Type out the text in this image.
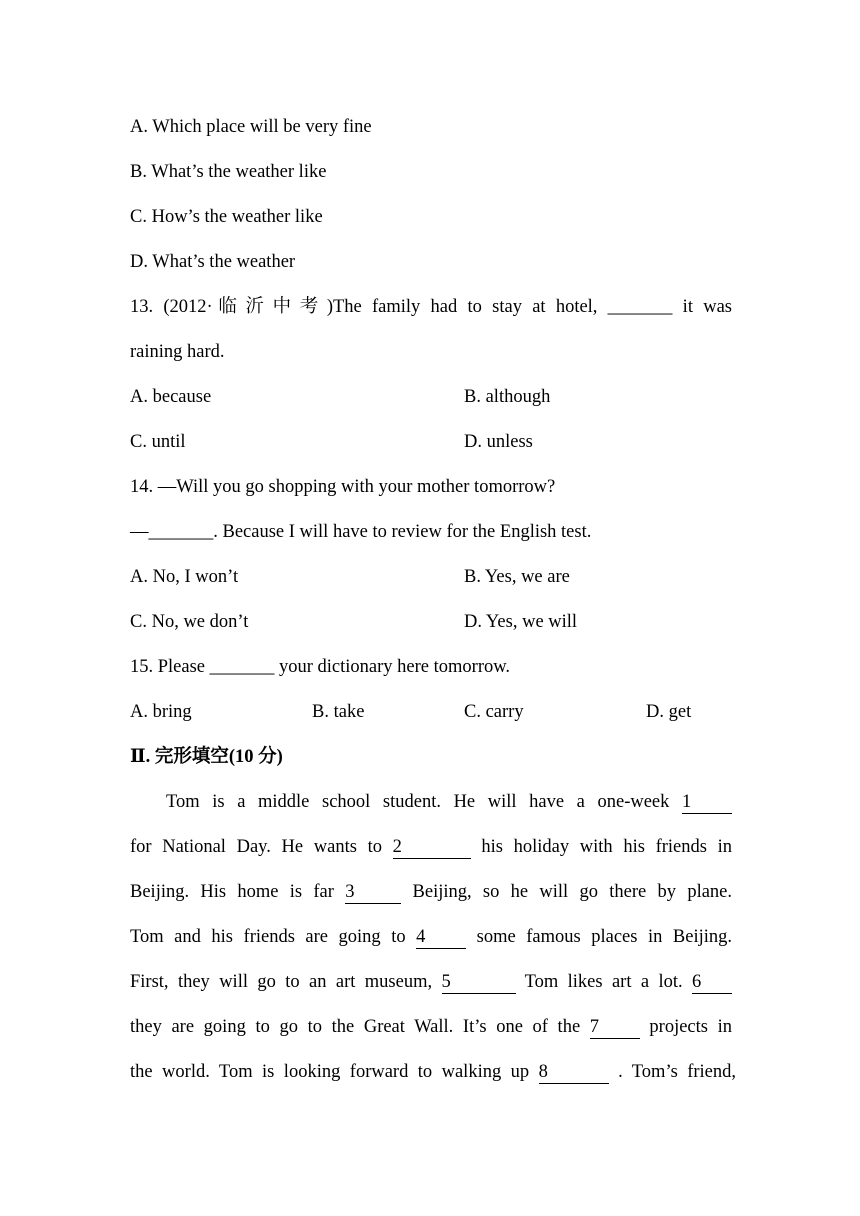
A. Which place will be very fine
B. What’s the weather like
C. How’s the weather like
D. What’s the weather
13. (2012·临沂中考)The family had to stay at hotel, _______ it was
raining hard.
A. because	B. although
C. until	D. unless
14. —Will you go shopping with your mother tomorrow?
—_______. Because I will have to review for the English test.
A. No, I won’t	B. Yes, we are
C. No, we don’t	D. Yes, we will
15. Please _______ your dictionary here tomorrow.
A. bring	B. take	C. carry	D. get
Ⅱ. 完形填空(10 分)
Tom is a middle school student. He will have a one-week 1
for National Day. He wants to 2	his holiday with his friends in
Beijing. His home is far 3	Beijing, so he will go there by plane.
Tom and his friends are going to 4	some famous places in Beijing.
First, they will go to an art museum, 5	Tom likes art a lot. 6
they are going to go to the Great Wall. It’s one of the 7	projects in
the world. Tom is looking forward to walking up 8	. Tom’s friend,
